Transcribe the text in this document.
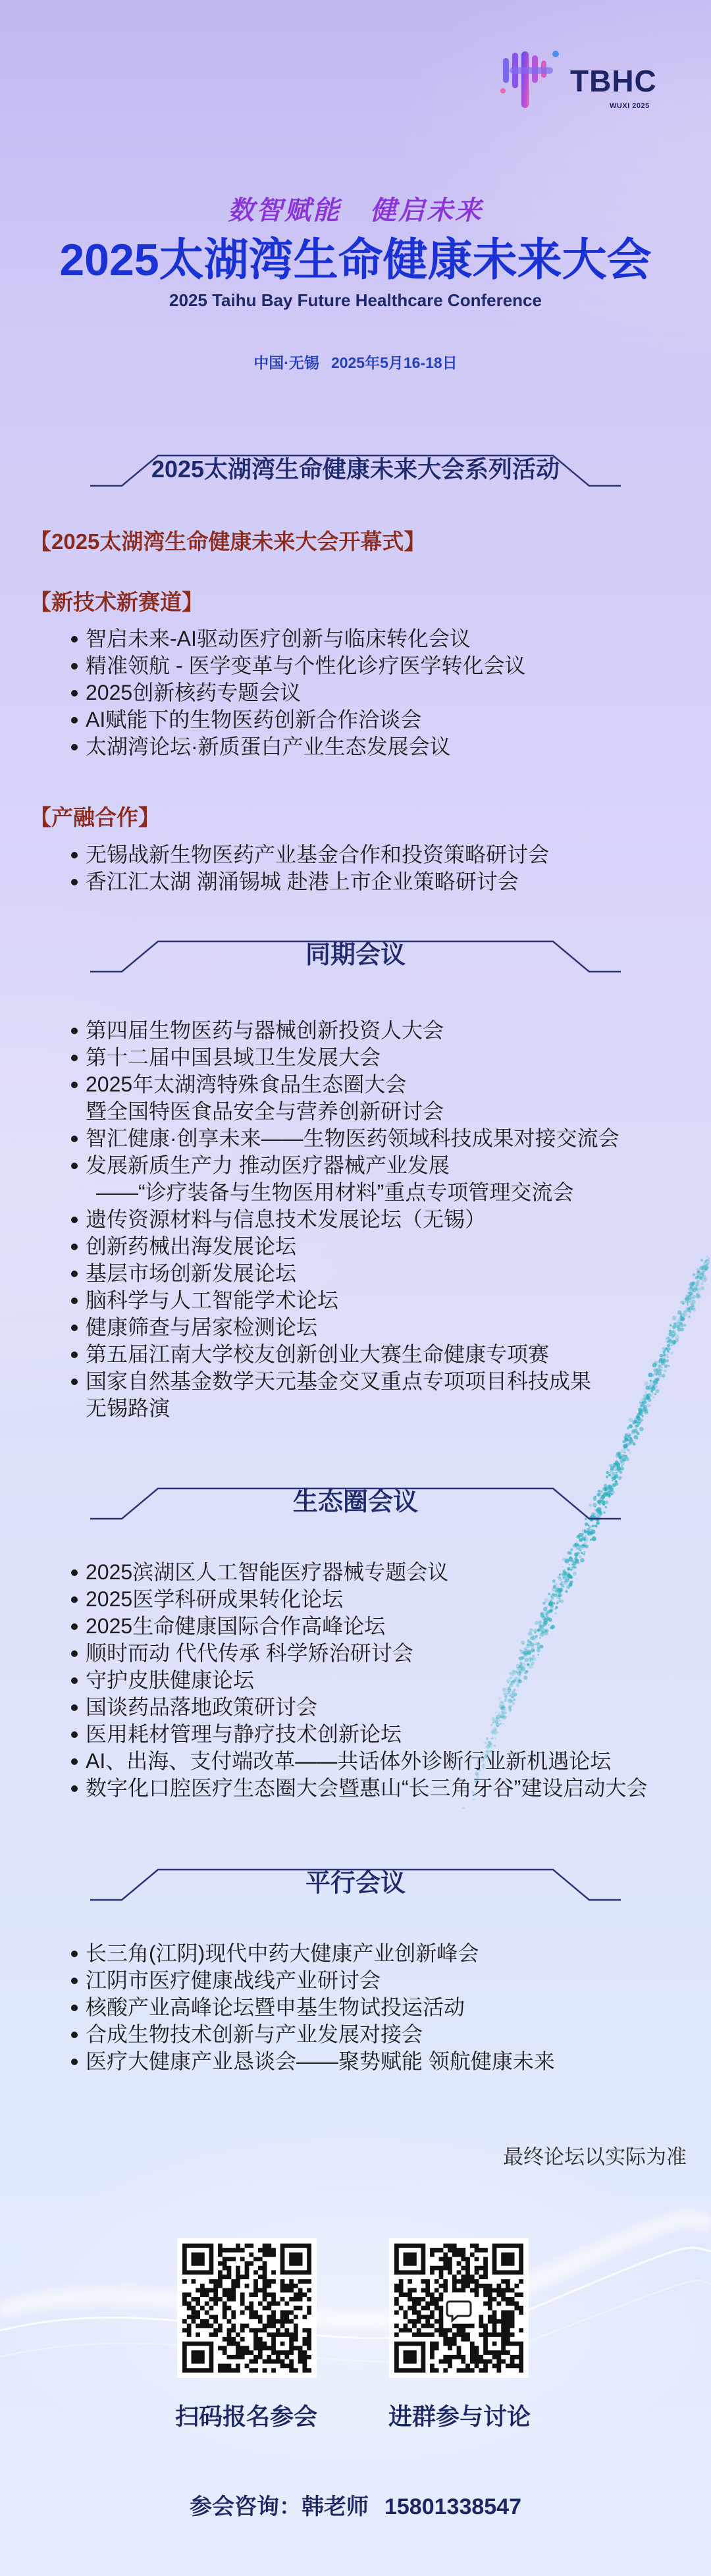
TBHC
WUXI 2025
数智赋能 健启未来
2025太湖湾生命健康未来大会
2025 Taihu Bay Future Healthcare Conference
中国·无锡 2025年5月16-18日
2025太湖湾生命健康未来大会系列活动
【2025太湖湾生命健康未来大会开幕式】
【新技术新赛道】
智启未来-AI驱动医疗创新与临床转化会议
精准领航 - 医学变革与个性化诊疗医学转化会议
2025创新核药专题会议
AI赋能下的生物医药创新合作洽谈会
太湖湾论坛·新质蛋白产业生态发展会议
【产融合作】
无锡战新生物医药产业基金合作和投资策略研讨会
香江汇太湖 潮涌锡城 赴港上市企业策略研讨会
同期会议
第四届生物医药与器械创新投资人大会
第十二届中国县域卫生发展大会
2025年太湖湾特殊食品生态圈大会
暨全国特医食品安全与营养创新研讨会
智汇健康·创享未来——生物医药领域科技成果对接交流会
发展新质生产力 推动医疗器械产业发展
——“诊疗装备与生物医用材料”重点专项管理交流会
遗传资源材料与信息技术发展论坛（无锡）
创新药械出海发展论坛
基层市场创新发展论坛
脑科学与人工智能学术论坛
健康筛查与居家检测论坛
第五届江南大学校友创新创业大赛生命健康专项赛
国家自然基金数学天元基金交叉重点专项项目科技成果
无锡路演
生态圈会议
2025滨湖区人工智能医疗器械专题会议
2025医学科研成果转化论坛
2025生命健康国际合作高峰论坛
顺时而动 代代传承 科学矫治研讨会
守护皮肤健康论坛
国谈药品落地政策研讨会
医用耗材管理与静疗技术创新论坛
AI、出海、支付端改革——共话体外诊断行业新机遇论坛
数字化口腔医疗生态圈大会暨惠山“长三角牙谷”建设启动大会
平行会议
长三角(江阴)现代中药大健康产业创新峰会
江阴市医疗健康战线产业研讨会
核酸产业高峰论坛暨申基生物试投运活动
合成生物技术创新与产业发展对接会
医疗大健康产业恳谈会——聚势赋能 领航健康未来
最终论坛以实际为准
扫码报名参会	进群参与讨论
参会咨询：韩老师 15801338547
